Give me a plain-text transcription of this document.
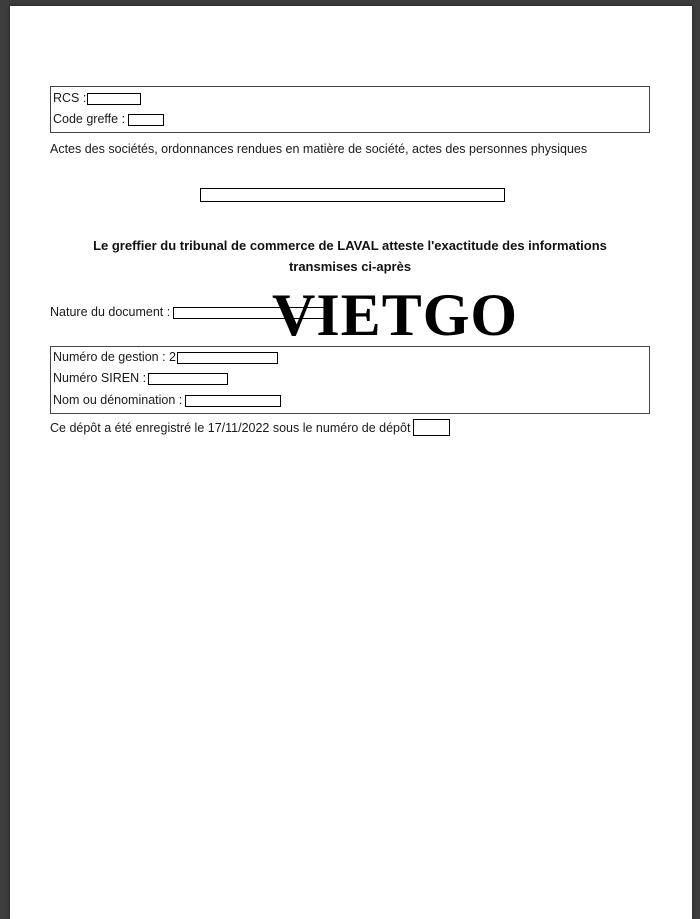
RCS :
Code greffe :
Actes des sociétés, ordonnances rendues en matière de société, actes des personnes physiques
Le greffier du tribunal de commerce de LAVAL atteste l'exactitude des informations
transmises ci-après
Nature du document : VIETGO
Numéro de gestion : 2
Numéro SIREN :
Nom ou dénomination :
Ce dépôt a été enregistré le 17/11/2022 sous le numéro de dépôt
